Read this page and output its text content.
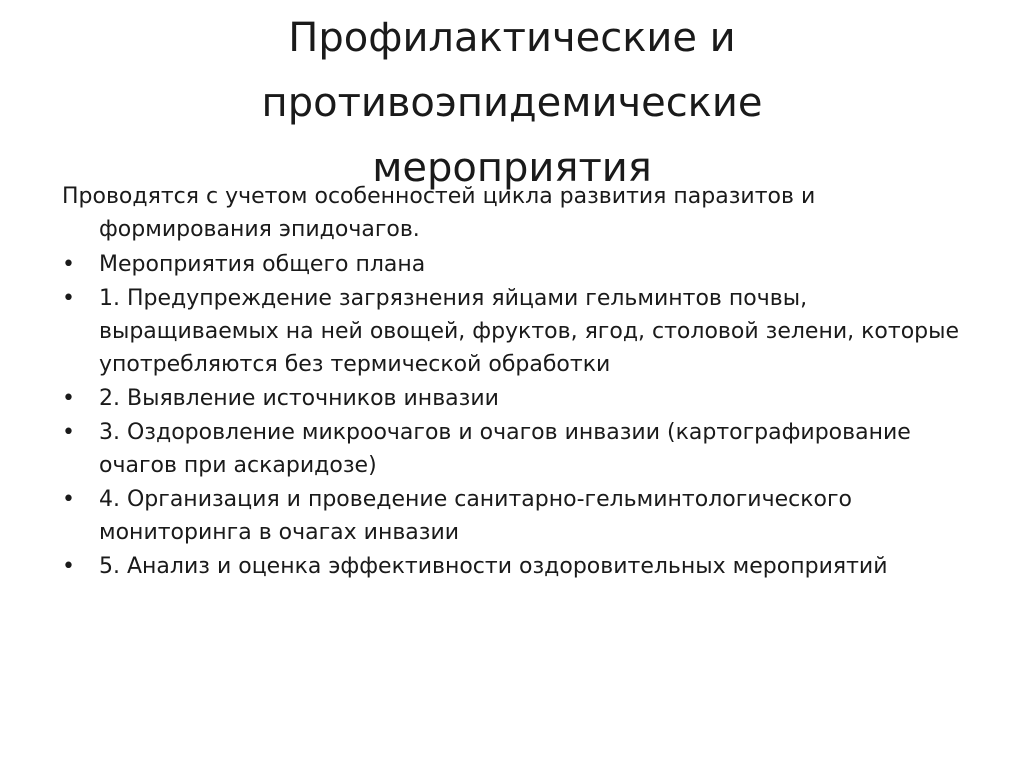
Профилактические и
противоэпидемические
мероприятия

Проводятся с учетом особенностей цикла развития паразитов и
формирования эпидочагов.

•	Мероприятия общего плана
•	1. Предупреждение загрязнения яйцами гельминтов почвы, выращиваемых на ней овощей, фруктов, ягод, столовой зелени, которые употребляются без термической обработки
•	2. Выявление источников инвазии
•	3. Оздоровление микроочагов и очагов инвазии (картографирование очагов при аскаридозе)
•	4. Организация и проведение санитарно-гельминтологического мониторинга в очагах инвазии
•	5. Анализ и оценка эффективности оздоровительных мероприятий
